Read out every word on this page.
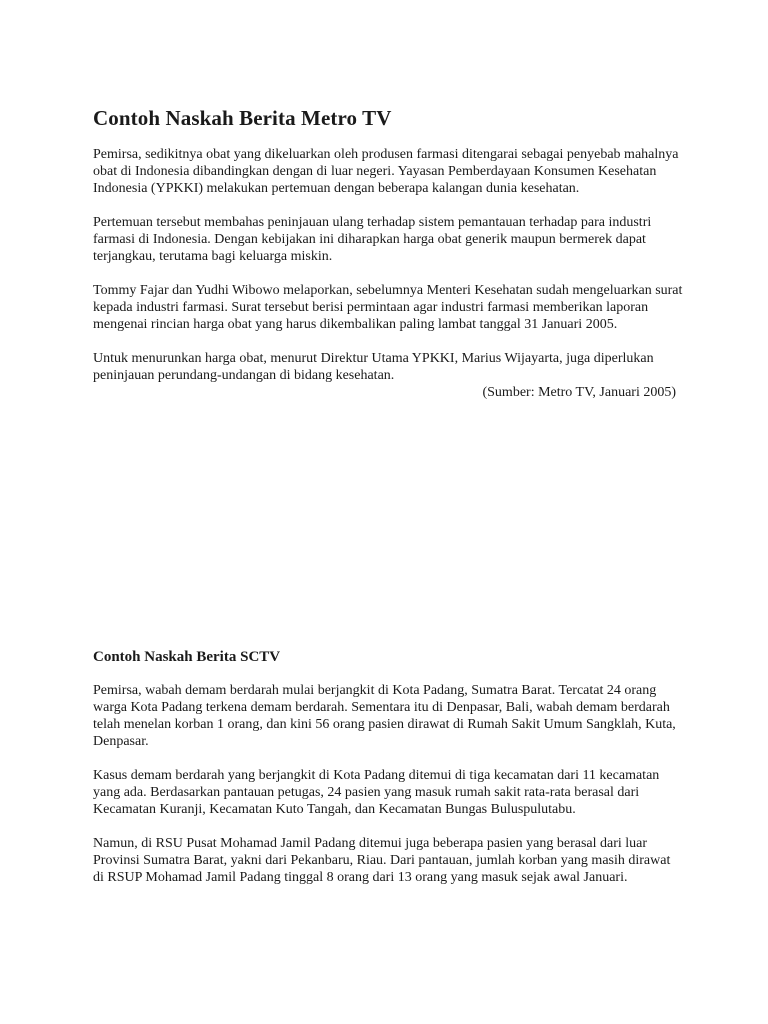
Contoh Naskah Berita Metro TV

Pemirsa, sedikitnya obat yang dikeluarkan oleh produsen farmasi ditengarai sebagai penyebab mahalnya obat di Indonesia dibandingkan dengan di luar negeri. Yayasan Pemberdayaan Konsumen Kesehatan Indonesia (YPKKI) melakukan pertemuan dengan beberapa kalangan dunia kesehatan.

Pertemuan tersebut membahas peninjauan ulang terhadap sistem pemantauan terhadap para industri farmasi di Indonesia. Dengan kebijakan ini diharapkan harga obat generik maupun bermerek dapat terjangkau, terutama bagi keluarga miskin.

Tommy Fajar dan Yudhi Wibowo melaporkan, sebelumnya Menteri Kesehatan sudah mengeluarkan surat kepada industri farmasi. Surat tersebut berisi permintaan agar industri farmasi memberikan laporan mengenai rincian harga obat yang harus dikembalikan paling lambat tanggal 31 Januari 2005.

Untuk menurunkan harga obat, menurut Direktur Utama YPKKI, Marius Wijayarta, juga diperlukan peninjauan perundang-undangan di bidang kesehatan.

(Sumber: Metro TV, Januari 2005)
Contoh Naskah Berita SCTV

Pemirsa, wabah demam berdarah mulai berjangkit di Kota Padang, Sumatra Barat. Tercatat 24 orang warga Kota Padang terkena demam berdarah. Sementara itu di Denpasar, Bali, wabah demam berdarah telah menelan korban 1 orang, dan kini 56 orang pasien dirawat di Rumah Sakit Umum Sangklah, Kuta, Denpasar.

Kasus demam berdarah yang berjangkit di Kota Padang ditemui di tiga kecamatan dari 11 kecamatan yang ada. Berdasarkan pantauan petugas, 24 pasien yang masuk rumah sakit rata-rata berasal dari Kecamatan Kuranji, Kecamatan Kuto Tangah, dan Kecamatan Bungas Buluspulutabu.

Namun, di RSU Pusat Mohamad Jamil Padang ditemui juga beberapa pasien yang berasal dari luar Provinsi Sumatra Barat, yakni dari Pekanbaru, Riau. Dari pantauan, jumlah korban yang masih dirawat di RSUP Mohamad Jamil Padang tinggal 8 orang dari 13 orang yang masuk sejak awal Januari.
